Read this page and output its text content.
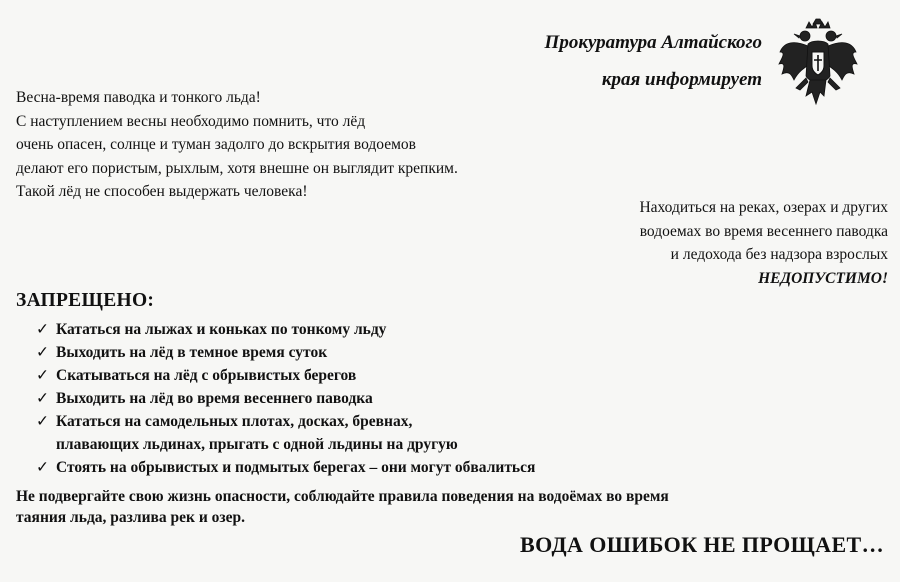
Прокуратура Алтайского
края информирует
Весна-время паводка и тонкого льда!
С наступлением весны необходимо помнить, что лёд
очень опасен, солнце и туман задолго до вскрытия водоемов
делают его пористым, рыхлым, хотя внешне он выглядит крепким.
Такой лёд не способен выдержать человека!
Находиться на реках, озерах и других
водоемах во время весеннего паводка
и ледохода без надзора взрослых
НЕДОПУСТИМО!
ЗАПРЕЩЕНО:
✓ Кататься на лыжах и коньках по тонкому льду
✓ Выходить на лёд в темное время суток
✓ Скатываться на лёд с обрывистых берегов
✓ Выходить на лёд во время весеннего паводка
✓ Кататься на самодельных плотах, досках, бревнах,
плавающих льдинах, прыгать с одной льдины на другую
✓ Стоять на обрывистых и подмытых берегах – они могут обвалиться
Не подвергайте свою жизнь опасности, соблюдайте правила поведения на водоёмах во время
таяния льда, разлива рек и озер.
ВОДА ОШИБОК НЕ ПРОЩАЕТ…
